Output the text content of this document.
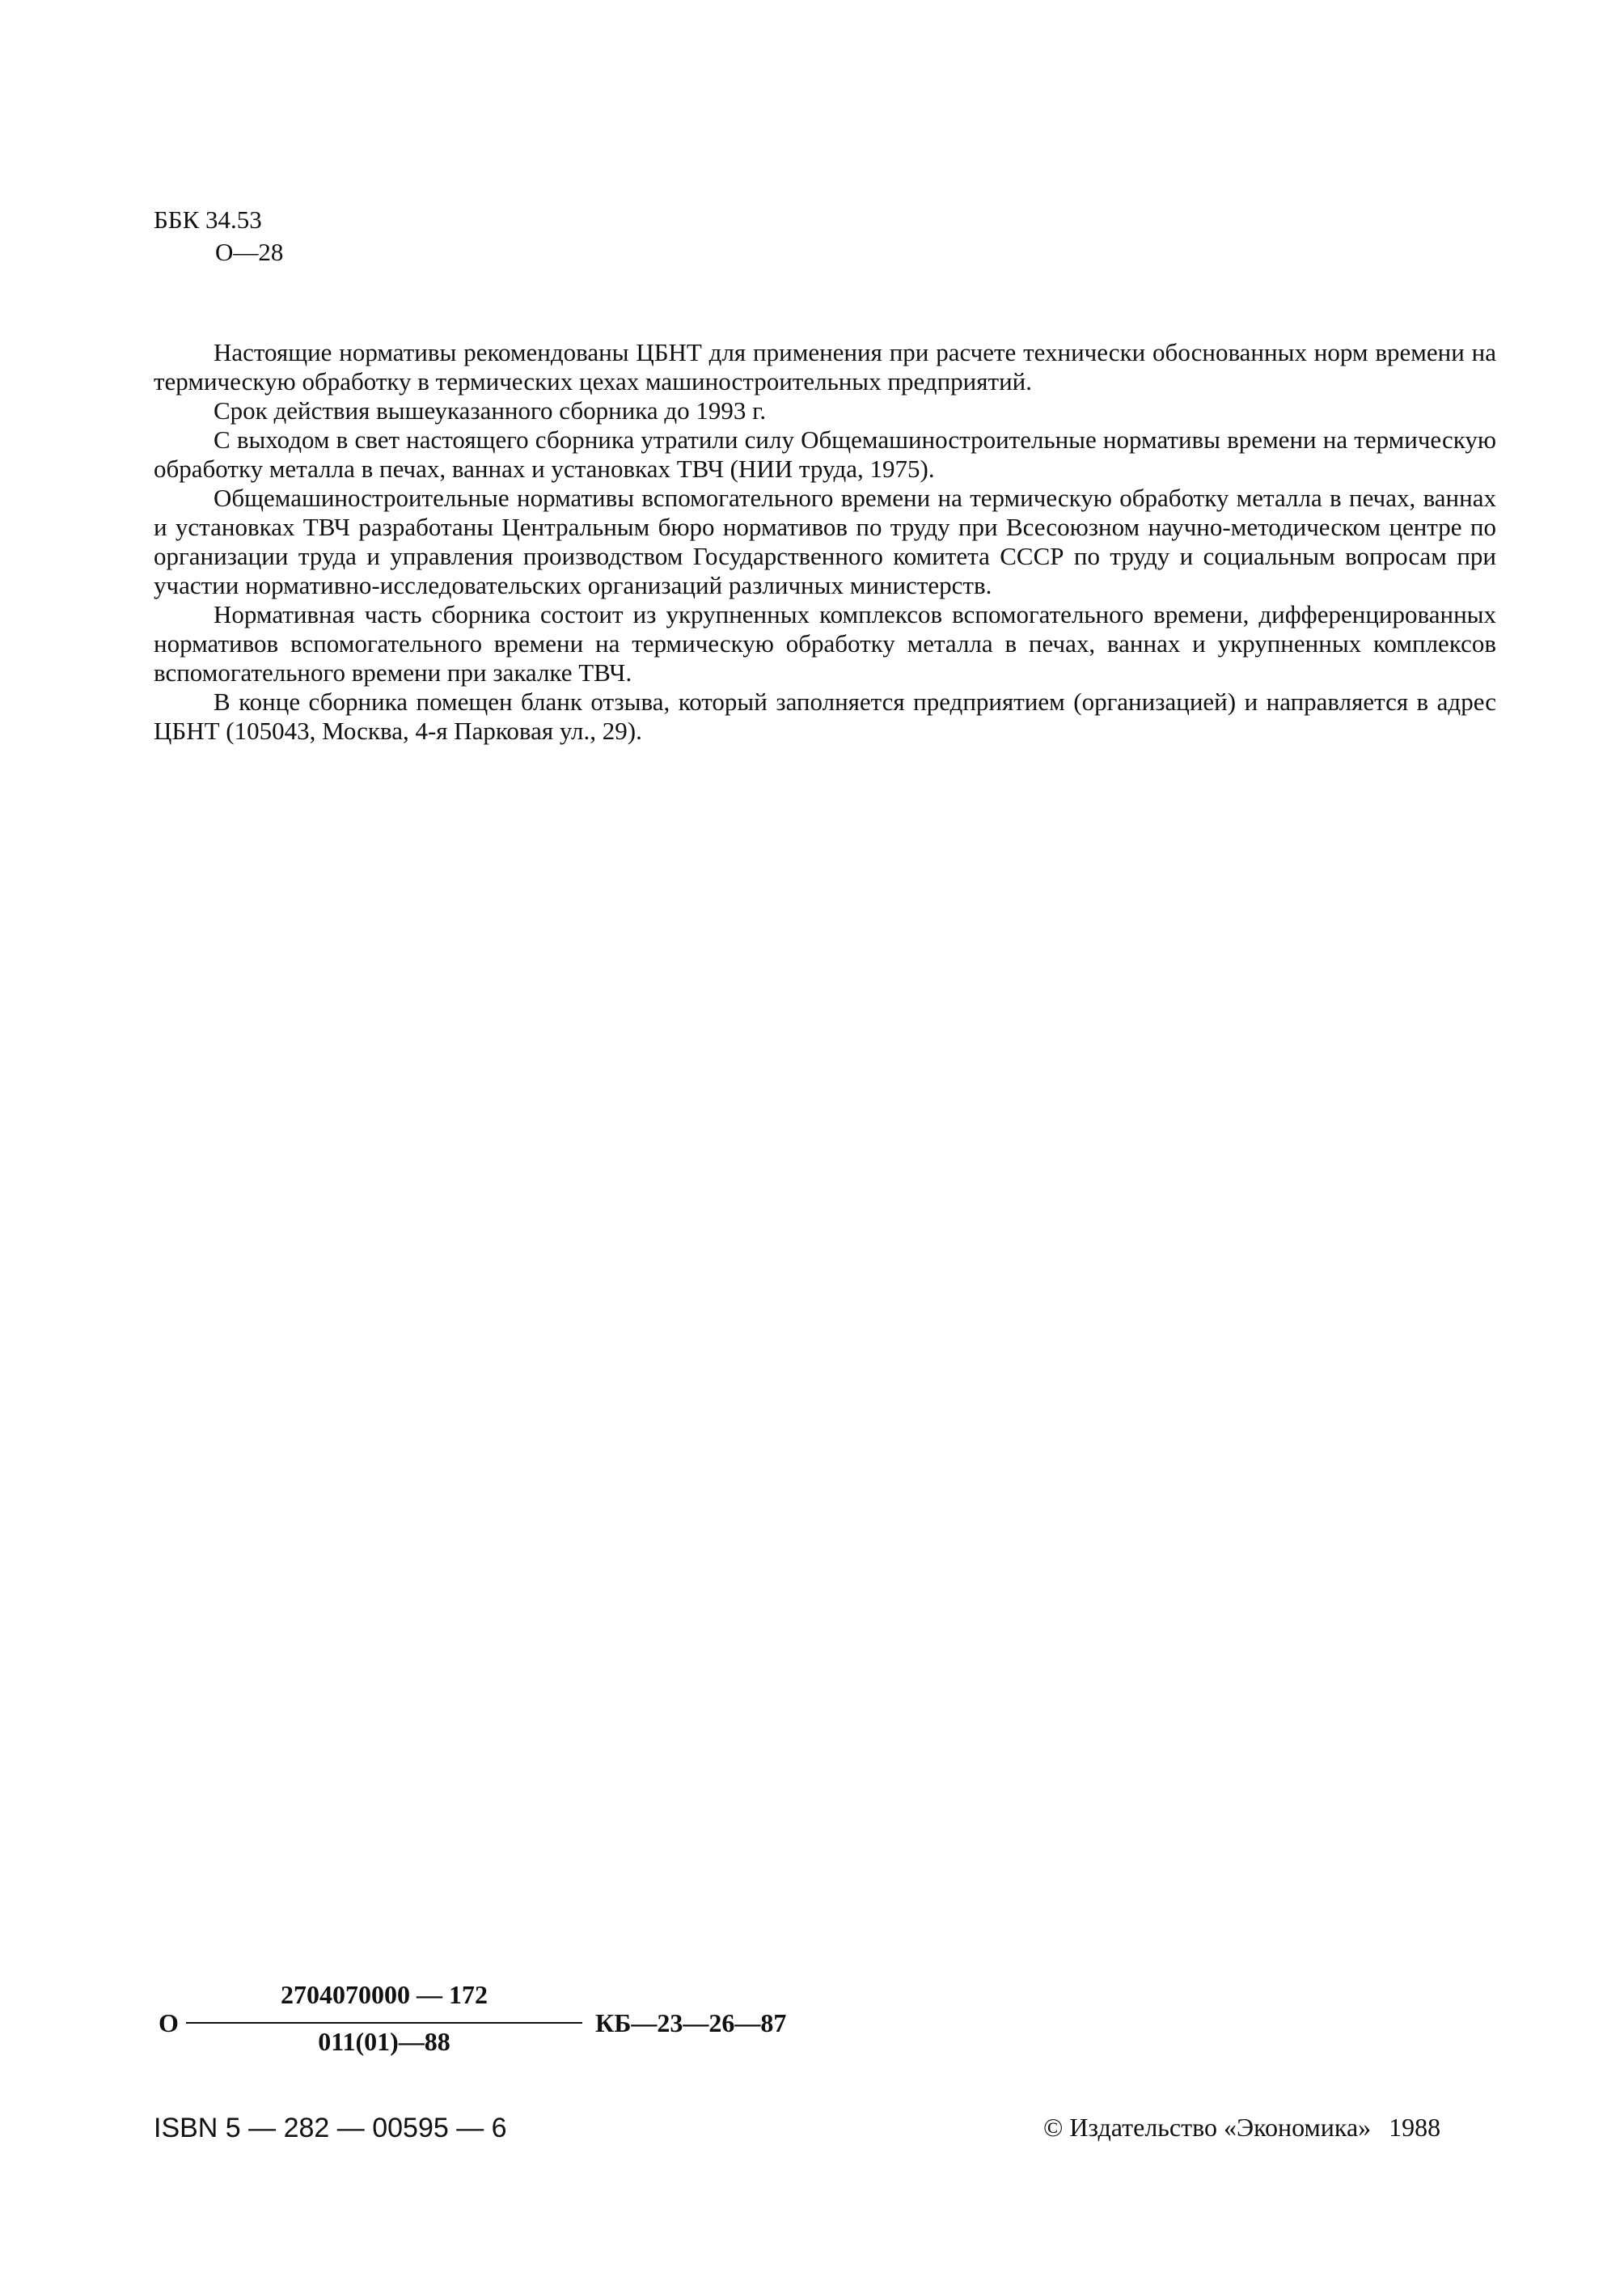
ББК 34.53
О—28

Настоящие нормативы рекомендованы ЦБНТ для применения при расчете технически обоснованных норм времени на термическую обработку в термических цехах машиностроительных предприятий.

Срок действия вышеуказанного сборника до 1993 г.

С выходом в свет настоящего сборника утратили силу Общемашиностроительные нормативы времени на термическую обработку металла в печах, ваннах и установках ТВЧ (НИИ труда, 1975).

Общемашиностроительные нормативы вспомогательного времени на термическую обработку металла в печах, ваннах и установках ТВЧ разработаны Центральным бюро нормативов по труду при Всесоюзном научно-методическом центре по организации труда и управления производством Государственного комитета СССР по труду и социальным вопросам при участии нормативно-исследовательских организаций различных министерств.

Нормативная часть сборника состоит из укрупненных комплексов вспомогательного времени, дифференцированных нормативов вспомогательного времени на термическую обработку металла в печах, ваннах и укрупненных комплексов вспомогательного времени при закалке ТВЧ.

В конце сборника помещен бланк отзыва, который заполняется предприятием (организацией) и направляется в адрес ЦБНТ (105043, Москва, 4-я Парковая ул., 29).

О
2704070000 — 172
011(01)—88
КБ—23—26—87
ISBN 5 — 282 — 00595 — 6	© Издательство «Экономика» 1988
